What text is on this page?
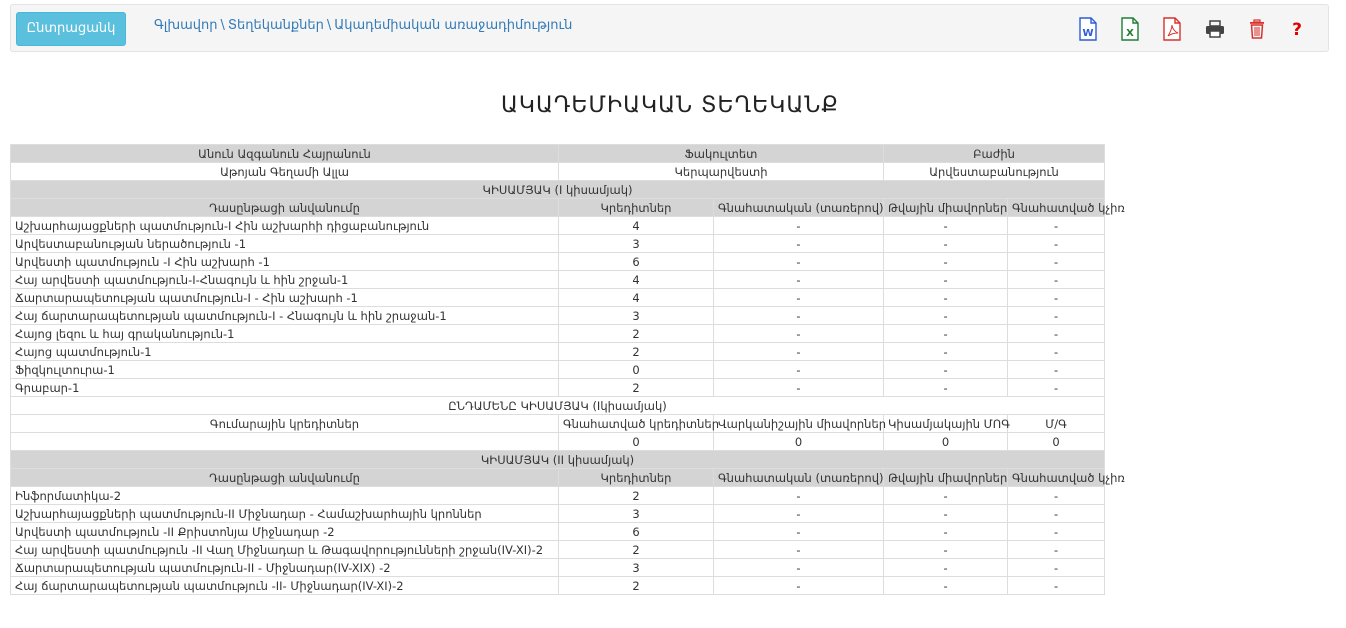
Ընտրացանկ	Գլխավոր \ Տեղեկանքներ \ Ակադեմիական առաջադիմություն
W	X	?
ԱԿԱԴԵՄԻԱԿԱՆ ՏԵՂԵԿԱՆՔ
Անուն Ազգանուն Հայրանուն	Ֆակուլտետ		Բաժին	
Աթոյան Գեղամի Ալլա	Կերպարվեստի		Արվեստաբանություն	
ԿԻՍԱՄՅԱԿ (I կիսամյակ)				
Դասընթացի անվանումը	Կրեդիտներ	Գնահատական (տառերով)	Թվային միավորներ	Գնահատված կչիռ
Աշխարհայացքների պատմություն-I Հին աշխարհի դիցաբանություն	4	-	-	-
Արվեստաբանության ներածություն -1	3	-	-	-
Արվեստի պատմություն -I Հին աշխարհ -1	6	-	-	-
Հայ արվեստի պատմություն-I-Հնագույն և հին շրջան-1	4	-	-	-
Ճարտարապետության պատմություն-I - Հին աշխարհ -1	4	-	-	-
Հայ ճարտարապետության պատմություն-I - Հնագույն և հին շրաջան-1	3	-	-	-
Հայոց լեզու և հայ գրականություն-1	2	-	-	-
Հայոց պատմություն-1	2	-	-	-
Ֆիզկուլտուրա-1	0	-	-	-
Գրաբար-1	2	-	-	-
ԸՆԴԱՄԵՆԸ ԿԻՍԱՄՅԱԿ (Iկիսամյակ)				
Գումարային կրեդիտներ	Գնահատված կրեդիտներ	Վարկանիշային միավորներ	Կիսամյակային ՄՈԳ	Մ/Գ
	0	0	0	0
ԿԻՍԱՄՅԱԿ (II կիսամյակ)				
Դասընթացի անվանումը	Կրեդիտներ	Գնահատական (տառերով)	Թվային միավորներ	Գնահատված կչիռ
Ինֆորմատիկա-2	2	-	-	-
Աշխարհայացքների պատմություն-II Միջնադար - Համաշխարհային կրոններ	3	-	-	-
Արվեստի պատմություն -II Քրիստոնյա Միջնադար -2	6	-	-	-
Հայ արվեստի պատմություն -II Վաղ Միջնադար և Թագավորությունների շրջան(IV-XI)-2	2	-	-	-
Ճարտարապետության պատմություն-II - Միջնադար(IV-XIX) -2	3	-	-	-
Հայ ճարտարապետության պատմություն -II- Միջնադար(IV-XI)-2	2	-	-	-
